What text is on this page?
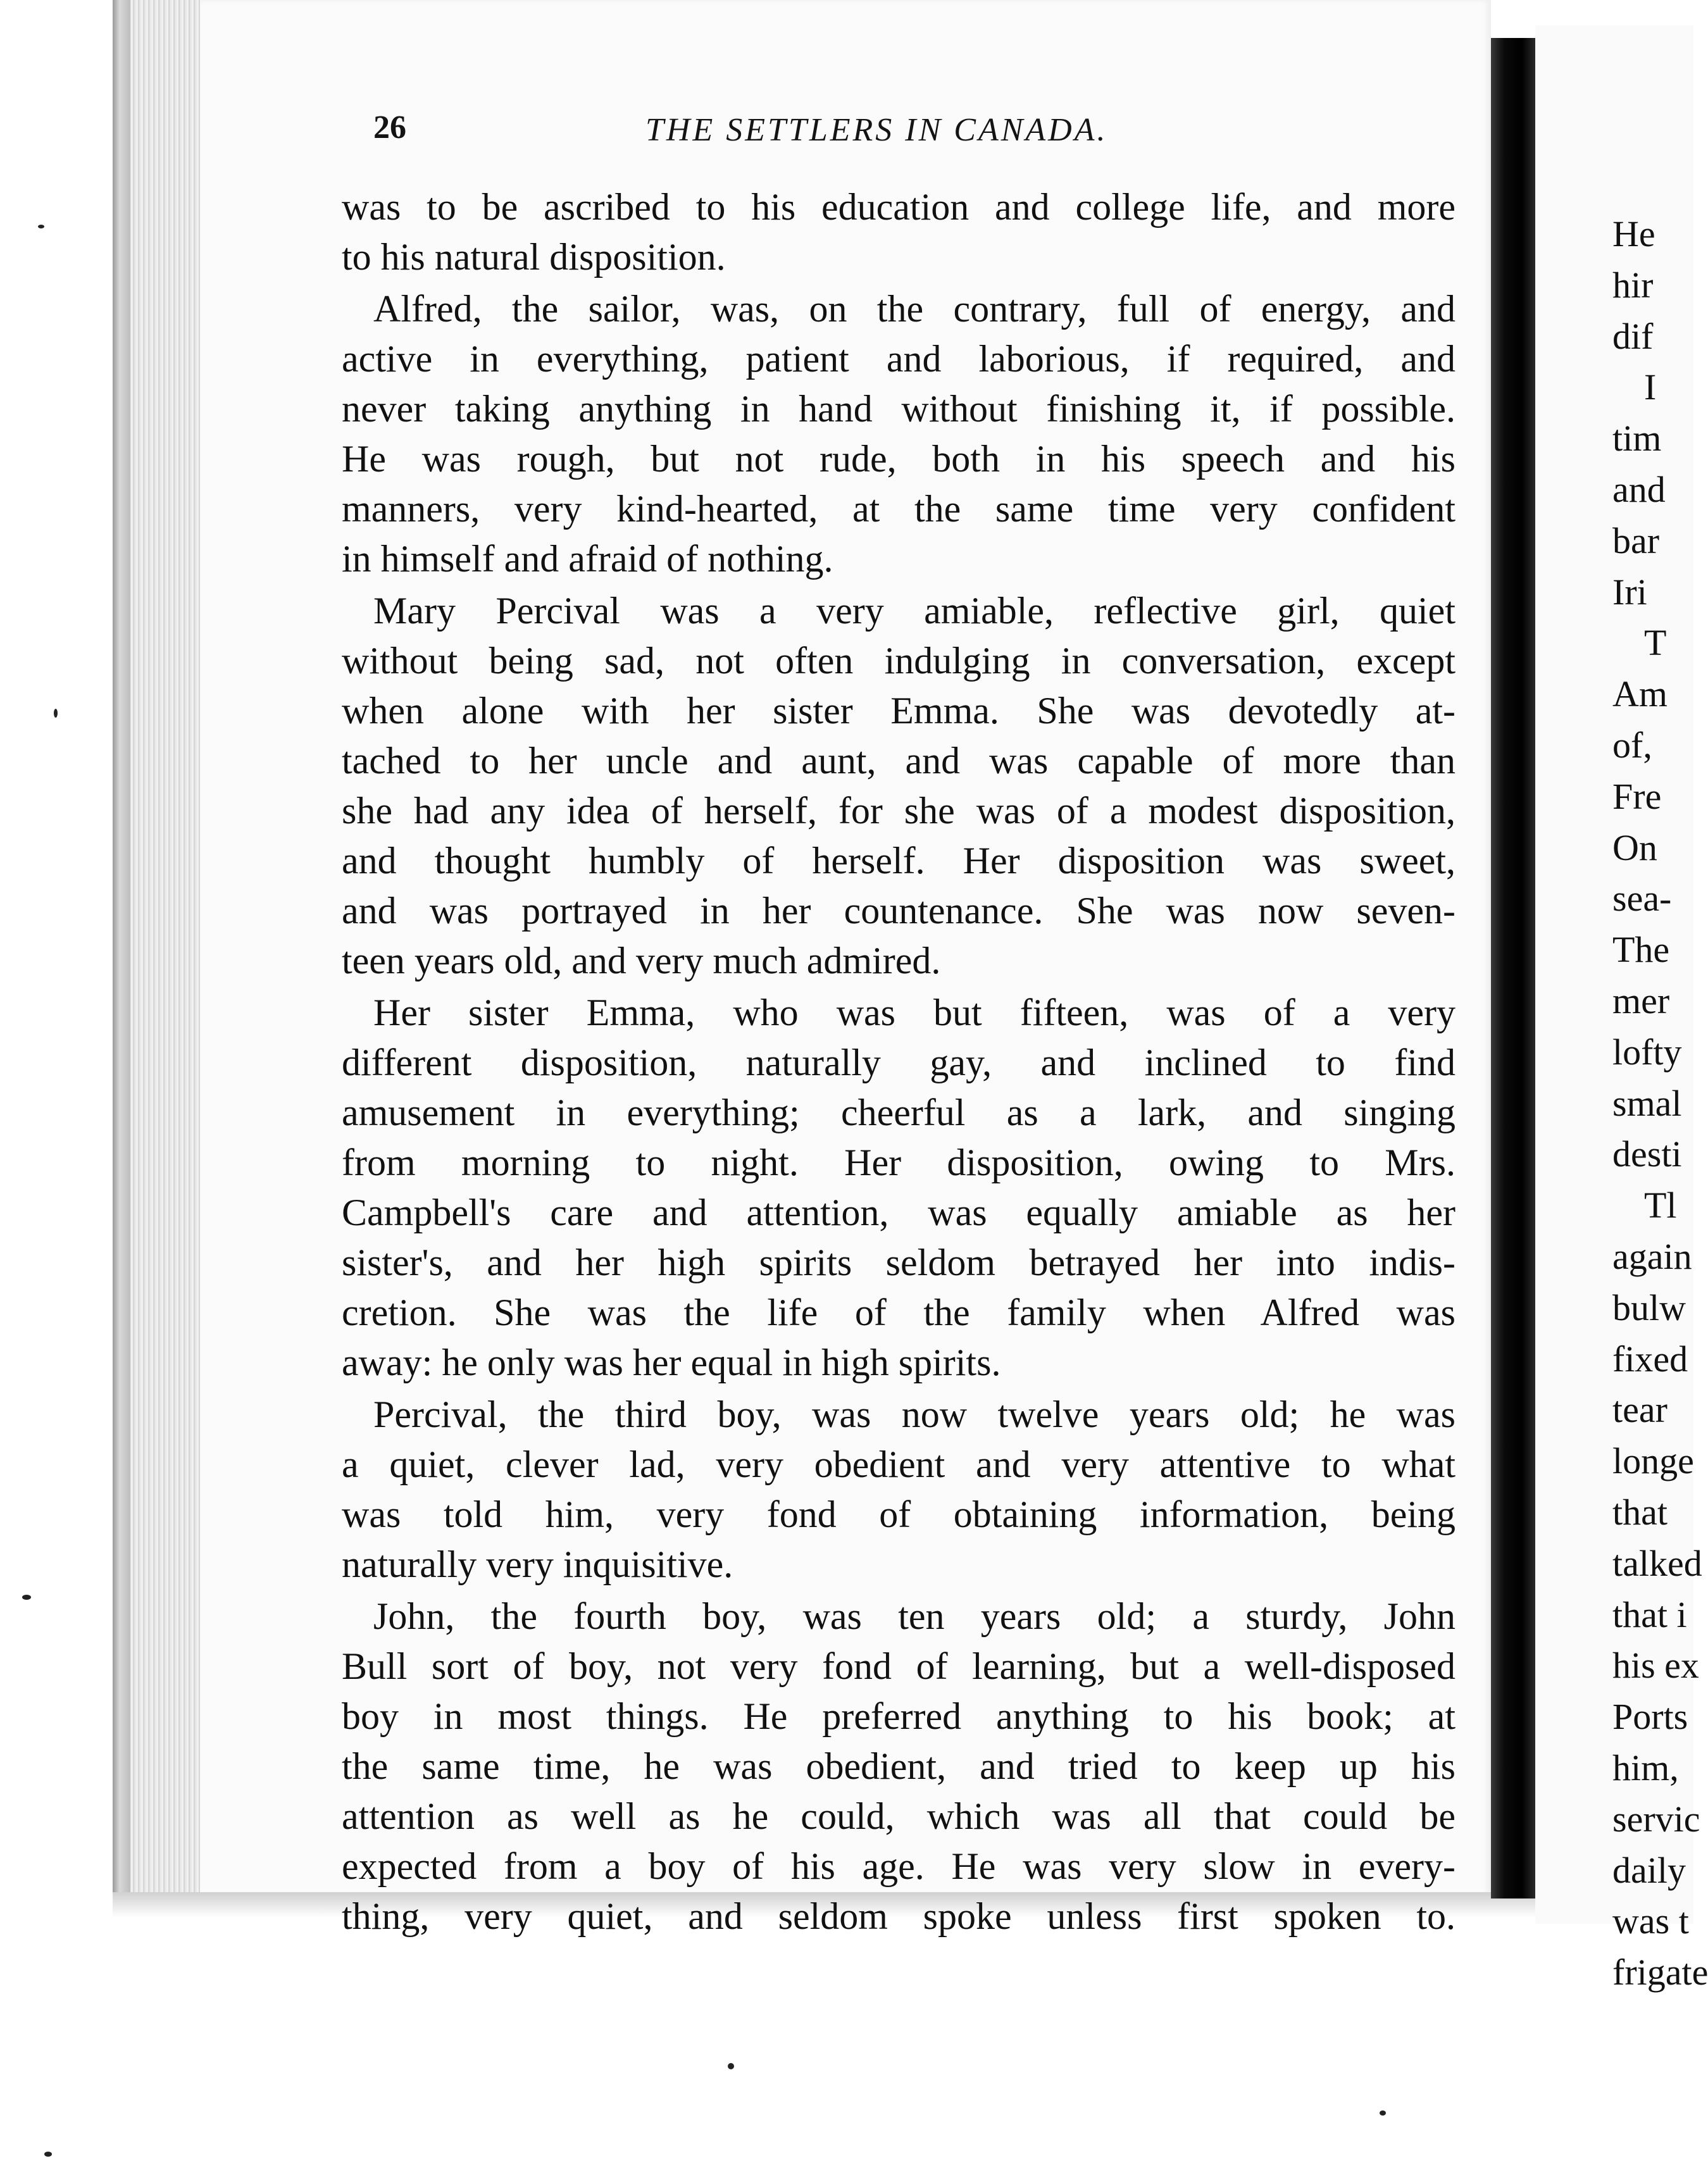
26	THE SETTLERS IN CANADA.
was to be ascribed to his education and college life, and more
to his natural disposition.
Alfred, the sailor, was, on the contrary, full of energy, and
active in everything, patient and laborious, if required, and
never taking anything in hand without finishing it, if possible.
He was rough, but not rude, both in his speech and his
manners, very kind-hearted, at the same time very confident
in himself and afraid of nothing.
Mary Percival was a very amiable, reflective girl, quiet
without being sad, not often indulging in conversation, except
when alone with her sister Emma. She was devotedly at-
tached to her uncle and aunt, and was capable of more than
she had any idea of herself, for she was of a modest disposition,
and thought humbly of herself. Her disposition was sweet,
and was portrayed in her countenance. She was now seven-
teen years old, and very much admired.
Her sister Emma, who was but fifteen, was of a very
different disposition, naturally gay, and inclined to find
amusement in everything; cheerful as a lark, and singing
from morning to night. Her disposition, owing to Mrs.
Campbell's care and attention, was equally amiable as her
sister's, and her high spirits seldom betrayed her into indis-
cretion. She was the life of the family when Alfred was
away: he only was her equal in high spirits.
Percival, the third boy, was now twelve years old; he was
a quiet, clever lad, very obedient and very attentive to what
was told him, very fond of obtaining information, being
naturally very inquisitive.
John, the fourth boy, was ten years old; a sturdy, John
Bull sort of boy, not very fond of learning, but a well-disposed
boy in most things. He preferred anything to his book; at
the same time, he was obedient, and tried to keep up his
attention as well as he could, which was all that could be
expected from a boy of his age. He was very slow in every-
thing, very quiet, and seldom spoke unless first spoken to.
He
hir
dif
I
tim
and
bar
Iri
T
Am
of,
Fre
On
sea-
The
mer
lofty
smal
desti
Tl
again
bulw
fixed
tear
longe
that
talked
that i
his ex
Ports
him,
servic
daily
was t
frigate
